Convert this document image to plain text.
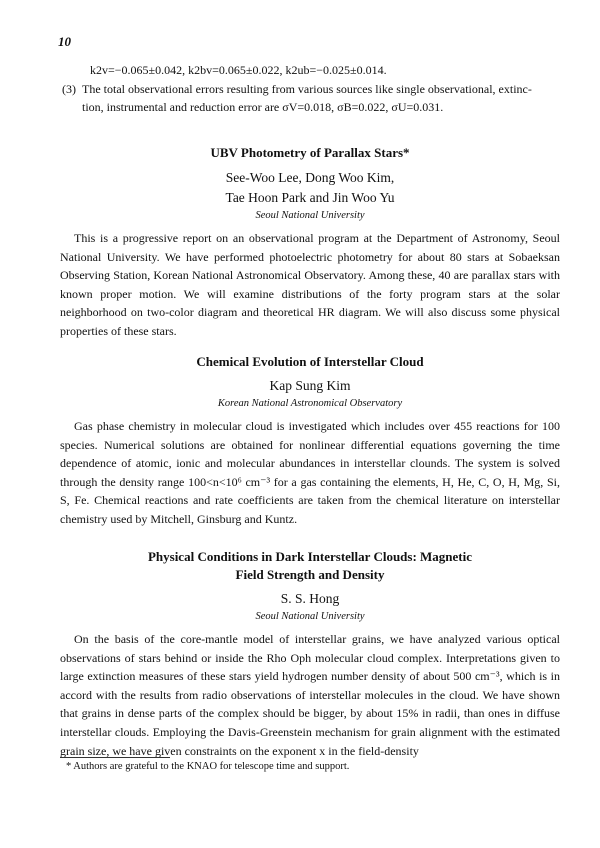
10
k2v=−0.065±0.042, k2bv=0.065±0.022, k2ub=−0.025±0.014.
(3) The total observational errors resulting from various sources like single observational, extinc-
tion, instrumental and reduction error are σV=0.018, σB=0.022, σU=0.031.
UBV Photometry of Parallax Stars*
See-Woo Lee, Dong Woo Kim,
Tae Hoon Park and Jin Woo Yu
Seoul National University

This is a progressive report on an observational program at the Department of Astronomy, Seoul National University. We have performed photoelectric photometry for about 80 stars at Sobaeksan Observing Station, Korean National Astronomical Observatory. Among these, 40 are parallax stars with known proper motion. We will examine distributions of the forty program stars at the solar neighborhood on two-color diagram and theoretical HR diagram. We will also discuss some physical properties of these stars.

Chemical Evolution of Interstellar Cloud
Kap Sung Kim
Korean National Astronomical Observatory

Gas phase chemistry in molecular cloud is investigated which includes over 455 reactions for 100 species. Numerical solutions are obtained for nonlinear differential equations governing the time dependence of atomic, ionic and molecular abundances in interstellar clounds. The system is solved through the density range 100<n<10⁶ cm⁻³ for a gas containing the elements, H, He, C, O, H, Mg, Si, S, Fe. Chemical reactions and rate coefficients are taken from the chemical literature on interstellar chemistry used by Mitchell, Ginsburg and Kuntz.

Physical Conditions in Dark Interstellar Clouds: Magnetic
Field Strength and Density
S. S. Hong
Seoul National University

On the basis of the core-mantle model of interstellar grains, we have analyzed various optical observations of stars behind or inside the Rho Oph molecular cloud complex. Interpretations given to large extinction measures of these stars yield hydrogen number density of about 500 cm⁻³, which is in accord with the results from radio observations of interstellar molecules in the cloud. We have shown that grains in dense parts of the complex should be bigger, by about 15% in radii, than ones in diffuse interstellar clouds. Employing the Davis-Greenstein mechanism for grain alignment with the estimated grain size, we have given constraints on the exponent x in the field-density

* Authors are grateful to the KNAO for telescope time and support.
